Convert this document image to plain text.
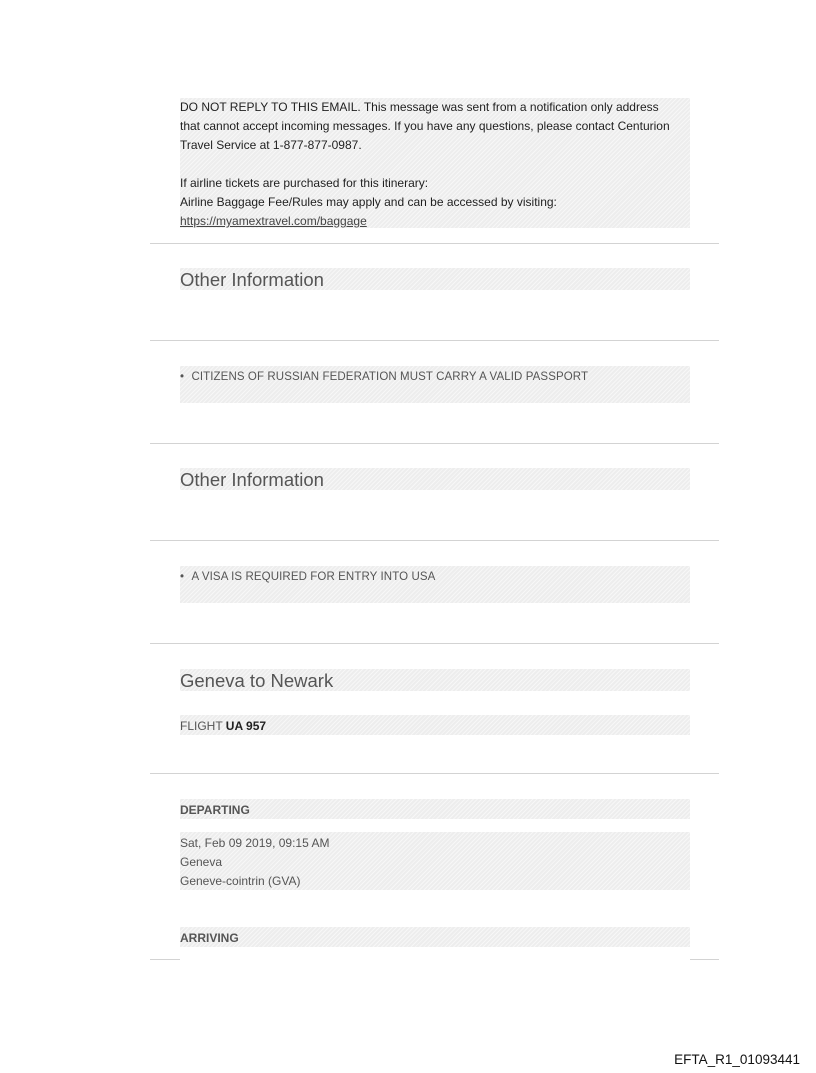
DO NOT REPLY TO THIS EMAIL. This message was sent from a notification only address
that cannot accept incoming messages. If you have any questions, please contact Centurion
Travel Service at 1-877-877-0987.
If airline tickets are purchased for this itinerary:
Airline Baggage Fee/Rules may apply and can be accessed by visiting:
https://myamextravel.com/baggage
Other Information
• CITIZENS OF RUSSIAN FEDERATION MUST CARRY A VALID PASSPORT
Other Information
• A VISA IS REQUIRED FOR ENTRY INTO USA
Geneva to Newark
FLIGHT UA 957
DEPARTING
Sat, Feb 09 2019, 09:15 AM
Geneva
Geneve-cointrin (GVA)
ARRIVING
EFTA_R1_01093441
